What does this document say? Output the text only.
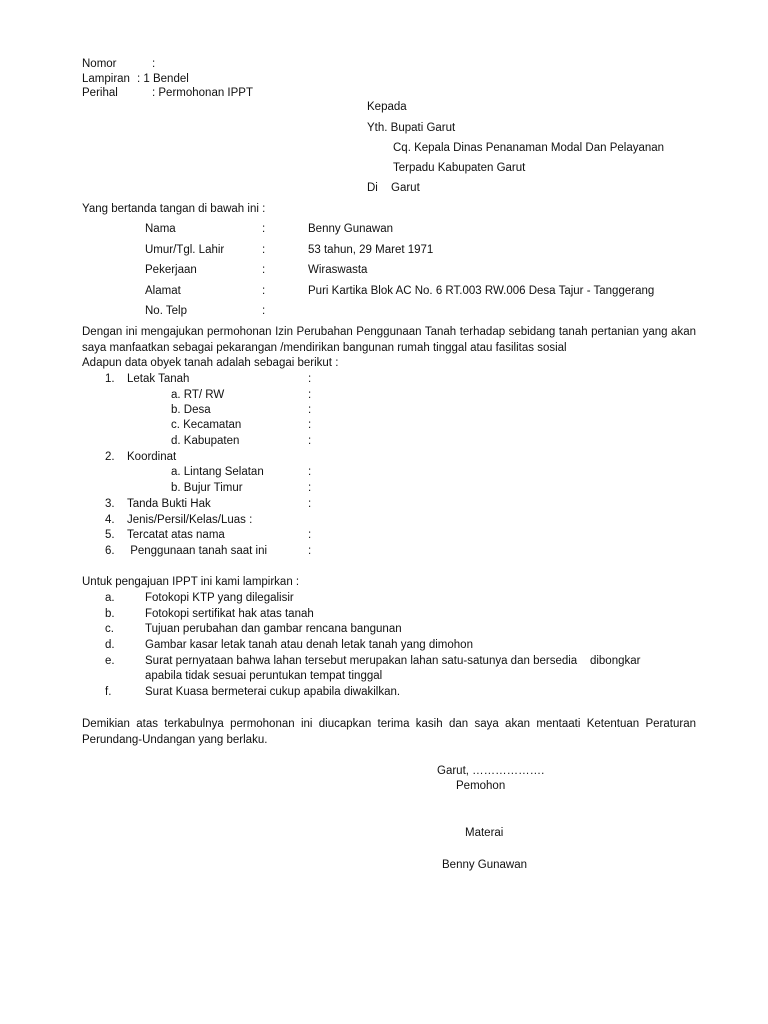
Nomor	:
Lampiran : 1 Bendel
Perihal	: Permohonan IPPT
Kepada
Yth. Bupati Garut
Cq. Kepala Dinas Penanaman Modal Dan Pelayanan
Terpadu Kabupaten Garut
Di Garut
Yang bertanda tangan di bawah ini :
Nama	:	Benny Gunawan
Umur/Tgl. Lahir	:	53 tahun, 29 Maret 1971
Pekerjaan	:	Wiraswasta
Alamat	:	Puri Kartika Blok AC No. 6 RT.003 RW.006 Desa Tajur - Tanggerang
No. Telp	:
Dengan ini mengajukan permohonan Izin Perubahan Penggunaan Tanah terhadap sebidang tanah pertanian yang akan saya manfaatkan sebagai pekarangan /mendirikan bangunan rumah tinggal atau fasilitas sosial
Adapun data obyek tanah adalah sebagai berikut :
1. Letak Tanah	:
a. RT/ RW	:
b. Desa	:
c. Kecamatan	:
d. Kabupaten	:
2. Koordinat
a. Lintang Selatan	:
b. Bujur Timur	:
3. Tanda Bukti Hak	:
4. Jenis/Persil/Kelas/Luas :
5. Tercatat atas nama	:
6. Penggunaan tanah saat ini	:
Untuk pengajuan IPPT ini kami lampirkan :
a.	Fotokopi KTP yang dilegalisir
b.	Fotokopi sertifikat hak atas tanah
c.	Tujuan perubahan dan gambar rencana bangunan
d.	Gambar kasar letak tanah atau denah letak tanah yang dimohon
e.	Surat pernyataan bahwa lahan tersebut merupakan lahan satu-satunya dan bersedia    dibongkar
apabila tidak sesuai peruntukan tempat tinggal
f.	Surat Kuasa bermeterai cukup apabila diwakilkan.
Demikian atas terkabulnya permohonan ini diucapkan terima kasih dan saya akan mentaati Ketentuan Peraturan Perundang-Undangan yang berlaku.
Garut, ……………….
Pemohon
Materai
Benny Gunawan
